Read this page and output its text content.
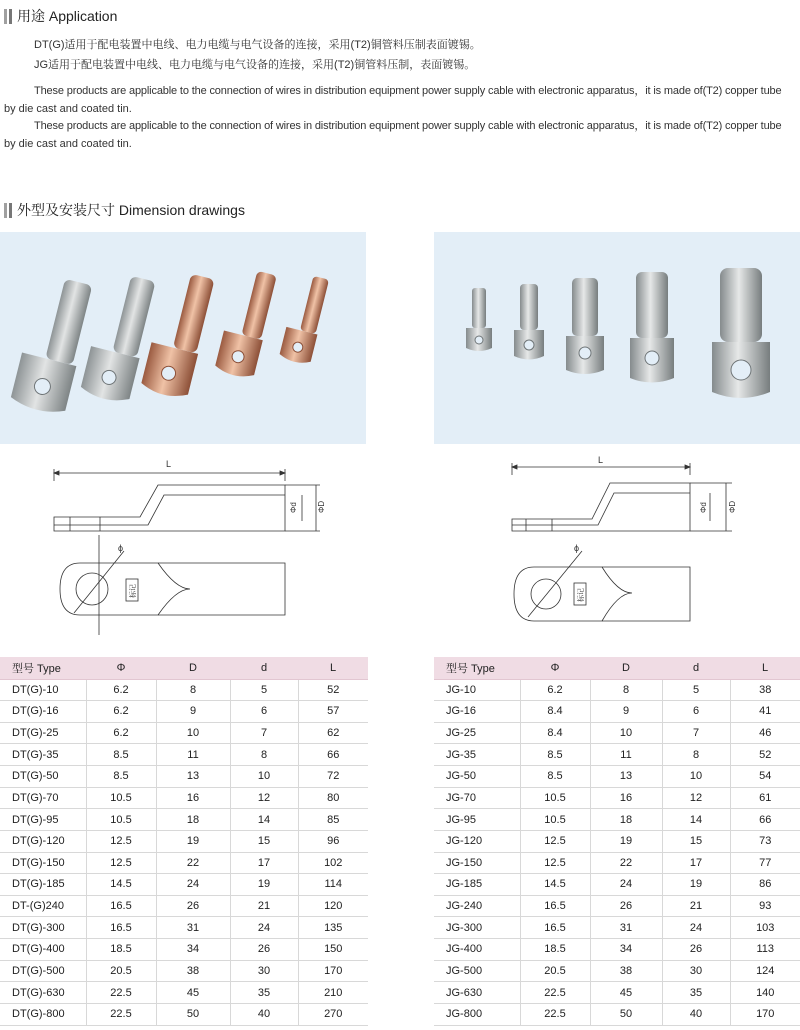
用途 Application
DT(G)适用于配电装置中电线、电力电缆与电气设备的连接，采用(T2)铜管料压制表面镀锡。
JG适用于配电装置中电线、电力电缆与电气设备的连接，采用(T2)铜管料压制，表面镀锡。
These products are applicable to the connection of wires in distribution equipment power supply cable with electronic apparatus，it is made of(T2) copper tube
by die cast and coated tin.
These products are applicable to the connection of wires in distribution equipment power supply cable with electronic apparatus，it is made of(T2) copper tube
by die cast and coated tin.
外型及安装尺寸 Dimension drawings
L
Φd ΦD
ϕ
标记
L
Φd	ΦD
ϕ
标记
型号 Type	Φ	D	d	L
DT(G)-10	6.2	8	5	52
DT(G)-16	6.2	9	6	57
DT(G)-25	6.2	10	7	62
DT(G)-35	8.5	11	8	66
DT(G)-50	8.5	13	10	72
DT(G)-70	10.5	16	12	80
DT(G)-95	10.5	18	14	85
DT(G)-120	12.5	19	15	96
DT(G)-150	12.5	22	17	102
DT(G)-185	14.5	24	19	114
DT-(G)240	16.5	26	21	120
DT(G)-300	16.5	31	24	135
DT(G)-400	18.5	34	26	150
DT(G)-500	20.5	38	30	170
DT(G)-630	22.5	45	35	210
DT(G)-800	22.5	50	40	270
型号 Type	Φ	D	d	L
JG-10	6.2	8	5	38
JG-16	8.4	9	6	41
JG-25	8.4	10	7	46
JG-35	8.5	11	8	52
JG-50	8.5	13	10	54
JG-70	10.5	16	12	61
JG-95	10.5	18	14	66
JG-120	12.5	19	15	73
JG-150	12.5	22	17	77
JG-185	14.5	24	19	86
JG-240	16.5	26	21	93
JG-300	16.5	31	24	103
JG-400	18.5	34	26	113
JG-500	20.5	38	30	124
JG-630	22.5	45	35	140
JG-800	22.5	50	40	170
